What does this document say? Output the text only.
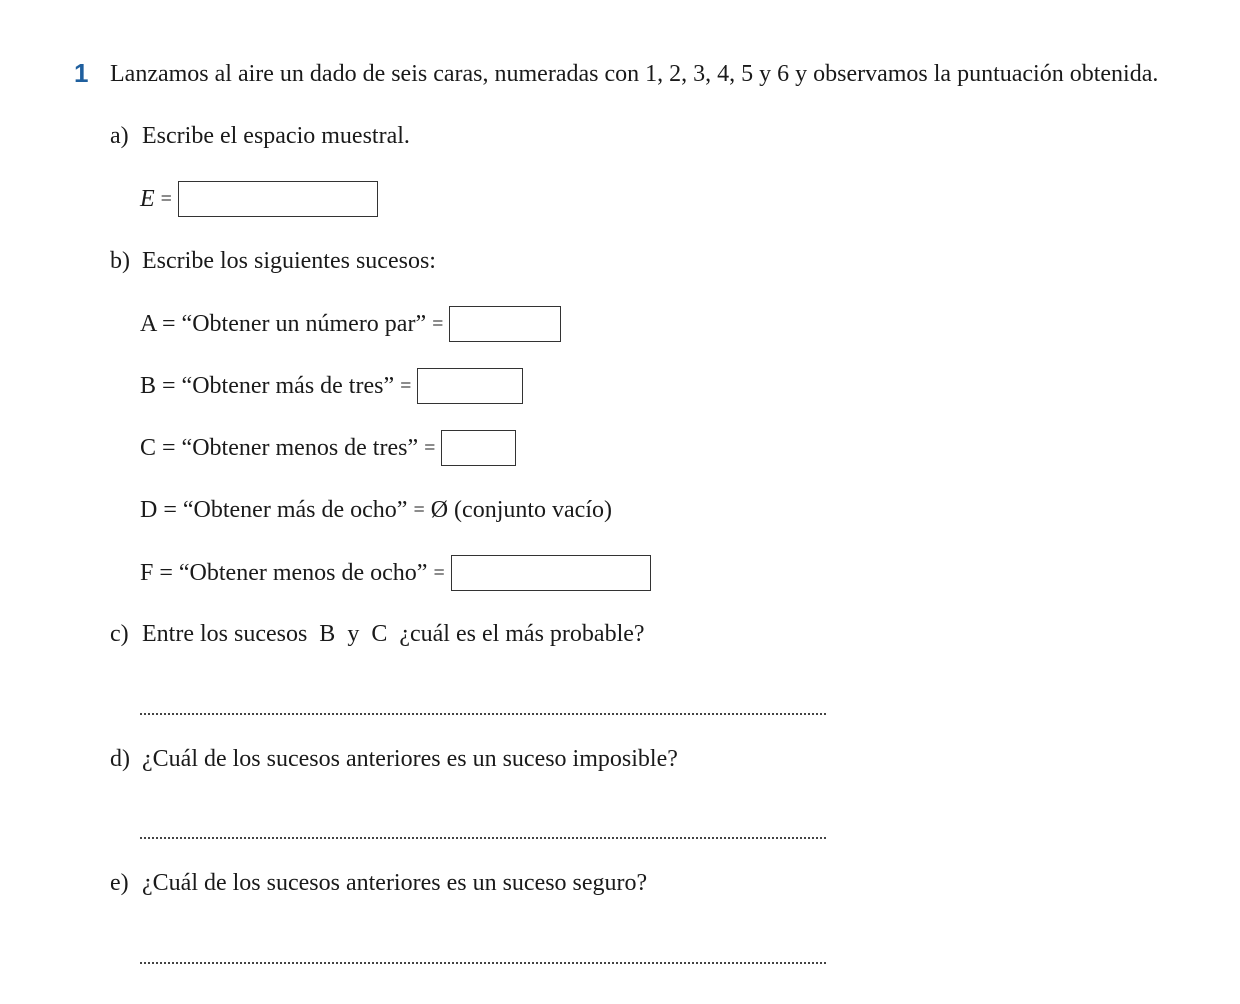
1 Lanzamos al aire un dado de seis caras, numeradas con 1, 2, 3, 4, 5 y 6 y observamos la puntuación obtenida.
a) Escribe el espacio muestral.
E =
b) Escribe los siguientes sucesos:
A = “Obtener un número par” =
B = “Obtener más de tres” =
C = “Obtener menos de tres” =
D = “Obtener más de ocho” = Ø (conjunto vacío)
F = “Obtener menos de ocho” =
c) Entre los sucesos  B  y  C  ¿cuál es el más probable?
d) ¿Cuál de los sucesos anteriores es un suceso imposible?
e) ¿Cuál de los sucesos anteriores es un suceso seguro?
